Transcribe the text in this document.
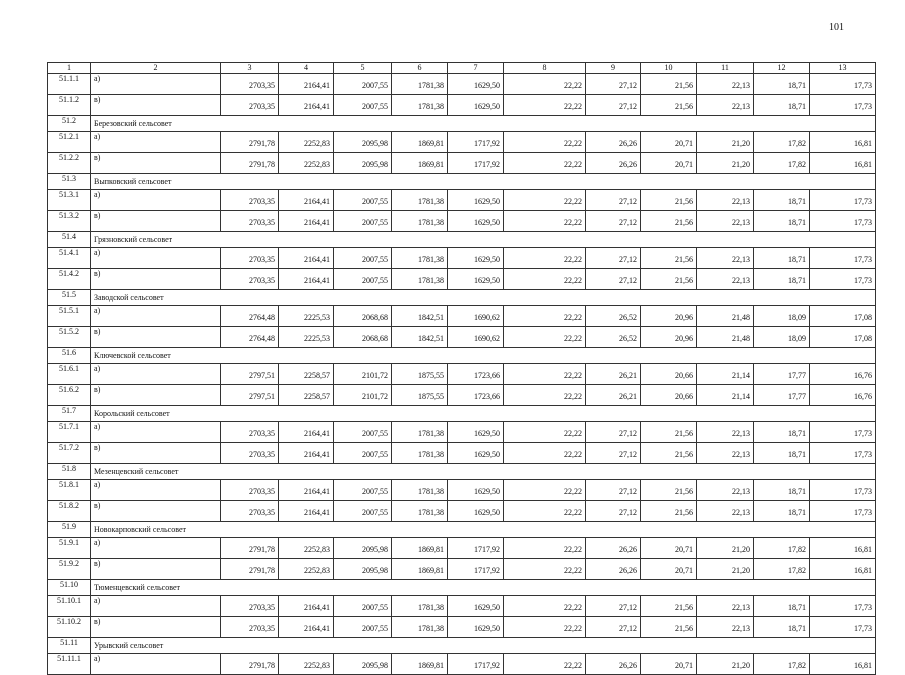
101
1	2	3	4	5	6	7	8	9	10	11	12	13
51.1.1	а)	2703,35	2164,41	2007,55	1781,38	1629,50	22,22	27,12	21,56	22,13	18,71	17,73
51.1.2	в)	2703,35	2164,41	2007,55	1781,38	1629,50	22,22	27,12	21,56	22,13	18,71	17,73
51.2	Березовский сельсовет											
51.2.1	а)	2791,78	2252,83	2095,98	1869,81	1717,92	22,22	26,26	20,71	21,20	17,82	16,81
51.2.2	в)	2791,78	2252,83	2095,98	1869,81	1717,92	22,22	26,26	20,71	21,20	17,82	16,81
51.3	Выпковский сельсовет											
51.3.1	а)	2703,35	2164,41	2007,55	1781,38	1629,50	22,22	27,12	21,56	22,13	18,71	17,73
51.3.2	в)	2703,35	2164,41	2007,55	1781,38	1629,50	22,22	27,12	21,56	22,13	18,71	17,73
51.4	Грязновский сельсовет											
51.4.1	а)	2703,35	2164,41	2007,55	1781,38	1629,50	22,22	27,12	21,56	22,13	18,71	17,73
51.4.2	в)	2703,35	2164,41	2007,55	1781,38	1629,50	22,22	27,12	21,56	22,13	18,71	17,73
51.5	Заводской сельсовет											
51.5.1	а)	2764,48	2225,53	2068,68	1842,51	1690,62	22,22	26,52	20,96	21,48	18,09	17,08
51.5.2	в)	2764,48	2225,53	2068,68	1842,51	1690,62	22,22	26,52	20,96	21,48	18,09	17,08
51.6	Ключевской сельсовет											
51.6.1	а)	2797,51	2258,57	2101,72	1875,55	1723,66	22,22	26,21	20,66	21,14	17,77	16,76
51.6.2	в)	2797,51	2258,57	2101,72	1875,55	1723,66	22,22	26,21	20,66	21,14	17,77	16,76
51.7	Корольский сельсовет											
51.7.1	а)	2703,35	2164,41	2007,55	1781,38	1629,50	22,22	27,12	21,56	22,13	18,71	17,73
51.7.2	в)	2703,35	2164,41	2007,55	1781,38	1629,50	22,22	27,12	21,56	22,13	18,71	17,73
51.8	Мезенцевский сельсовет											
51.8.1	а)	2703,35	2164,41	2007,55	1781,38	1629,50	22,22	27,12	21,56	22,13	18,71	17,73
51.8.2	в)	2703,35	2164,41	2007,55	1781,38	1629,50	22,22	27,12	21,56	22,13	18,71	17,73
51.9	Новокарповский сельсовет											
51.9.1	а)	2791,78	2252,83	2095,98	1869,81	1717,92	22,22	26,26	20,71	21,20	17,82	16,81
51.9.2	в)	2791,78	2252,83	2095,98	1869,81	1717,92	22,22	26,26	20,71	21,20	17,82	16,81
51.10	Тюменцевский сельсовет											
51.10.1	а)	2703,35	2164,41	2007,55	1781,38	1629,50	22,22	27,12	21,56	22,13	18,71	17,73
51.10.2	в)	2703,35	2164,41	2007,55	1781,38	1629,50	22,22	27,12	21,56	22,13	18,71	17,73
51.11	Урывский сельсовет											
51.11.1	а)	2791,78	2252,83	2095,98	1869,81	1717,92	22,22	26,26	20,71	21,20	17,82	16,81
